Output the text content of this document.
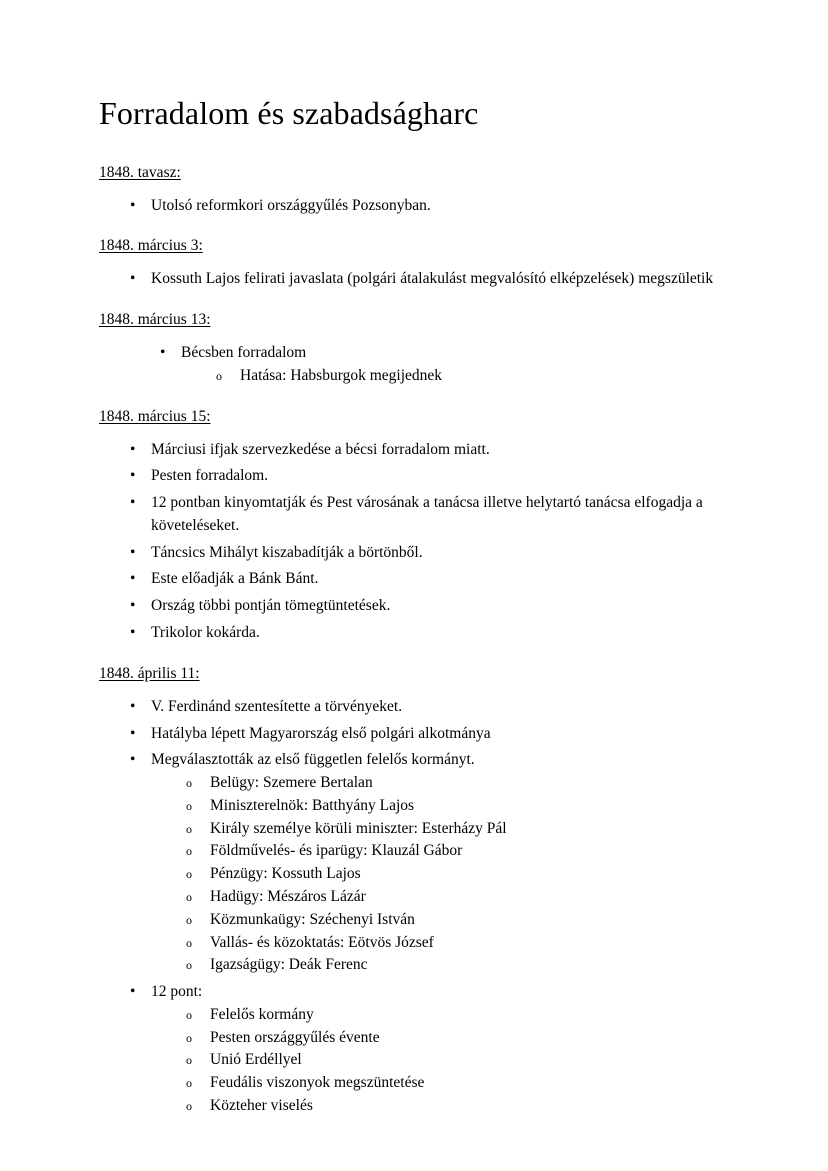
Forradalom és szabadságharc
1848. tavasz:
• Utolsó reformkori országgyűlés Pozsonyban.
1848. március 3:
• Kossuth Lajos felirati javaslata (polgári átalakulást megvalósító elképzelések) megszületik
1848. március 13:
• Bécsben forradalom
o Hatása: Habsburgok megijednek
1848. március 15:
• Márciusi ifjak szervezkedése a bécsi forradalom miatt.
• Pesten forradalom.
• 12 pontban kinyomtatják és Pest városának a tanácsa illetve helytartó tanácsa elfogadja a követeléseket.
• Táncsics Mihályt kiszabadítják a börtönből.
• Este előadják a Bánk Bánt.
• Ország többi pontján tömegtüntetések.
• Trikolor kokárda.
1848. április 11:
• V. Ferdinánd szentesítette a törvényeket.
• Hatályba lépett Magyarország első polgári alkotmánya
• Megválasztották az első független felelős kormányt.
o Belügy: Szemere Bertalan
o Miniszterelnök: Batthyány Lajos
o Király személye körüli miniszter: Esterházy Pál
o Földművelés- és iparügy: Klauzál Gábor
o Pénzügy: Kossuth Lajos
o Hadügy: Mészáros Lázár
o Közmunkaügy: Széchenyi István
o Vallás- és közoktatás: Eötvös József
o Igazságügy: Deák Ferenc
• 12 pont:
o Felelős kormány
o Pesten országgyűlés évente
o Unió Erdéllyel
o Feudális viszonyok megszüntetése
o Közteher viselés
